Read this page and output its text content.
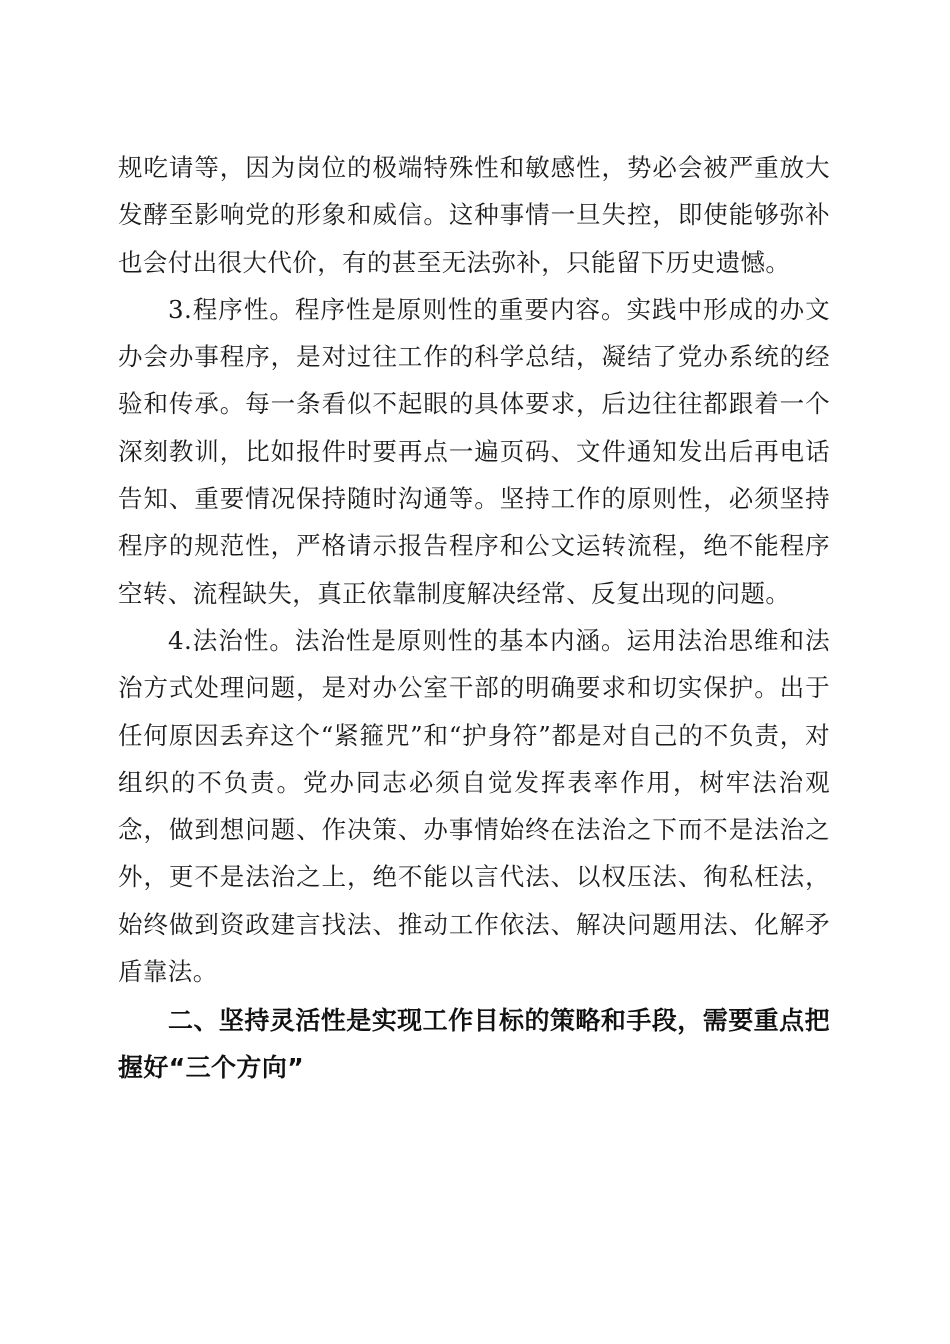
规吃请等，因为岗位的极端特殊性和敏感性，势必会被严重放大发酵至影响党的形象和威信。这种事情一旦失控，即使能够弥补也会付出很大代价，有的甚至无法弥补，只能留下历史遗憾。

3.程序性。程序性是原则性的重要内容。实践中形成的办文办会办事程序，是对过往工作的科学总结，凝结了党办系统的经验和传承。每一条看似不起眼的具体要求，后边往往都跟着一个深刻教训，比如报件时要再点一遍页码、文件通知发出后再电话告知、重要情况保持随时沟通等。坚持工作的原则性，必须坚持程序的规范性，严格请示报告程序和公文运转流程，绝不能程序空转、流程缺失，真正依靠制度解决经常、反复出现的问题。

4.法治性。法治性是原则性的基本内涵。运用法治思维和法治方式处理问题，是对办公室干部的明确要求和切实保护。出于任何原因丢弃这个“紧箍咒”和“护身符”都是对自己的不负责，对组织的不负责。党办同志必须自觉发挥表率作用，树牢法治观念，做到想问题、作决策、办事情始终在法治之下而不是法治之外，更不是法治之上，绝不能以言代法、以权压法、徇私枉法，始终做到资政建言找法、推动工作依法、解决问题用法、化解矛盾靠法。

二、坚持灵活性是实现工作目标的策略和手段，需要重点把握好“三个方向”
